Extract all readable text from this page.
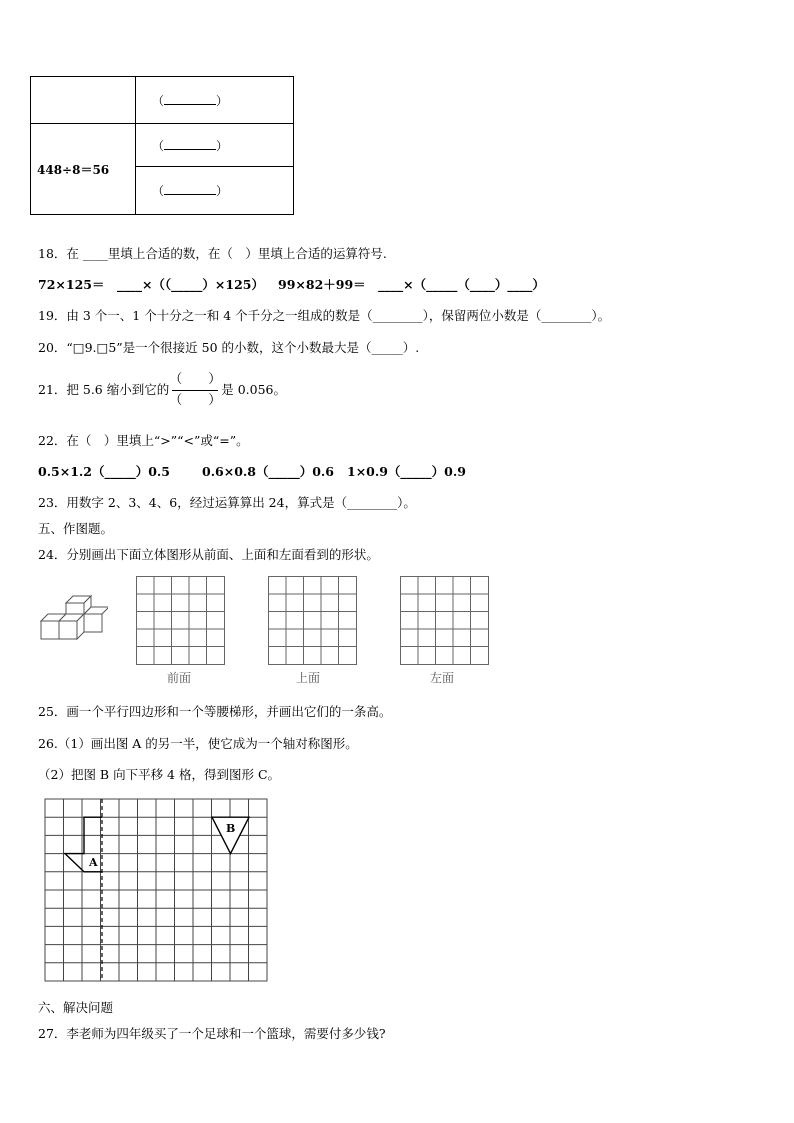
	（ ）
448÷8＝56	（ ）
	（ ）
18．在 ____里填上合适的数，在（　）里填上合适的运算符号.
72×125＝　____×（（_____）×125） 99×82＋99＝　____×（_____（____）____）
19．由 3 个一、1 个十分之一和 4 个千分之一组成的数是（________），保留两位小数是（________）。
20．“□9.□5”是一个很接近 50 的小数，这个小数最大是（_____）.
21．把 5.6 缩小到它的$\frac{( )}{( )}$是 0.056。
22．在（　）里填上“>”“<”或“=”。
0.5×1.2（_____）0.5	0.6×0.8（_____）0.6 1×0.9（_____）0.9
23．用数字 2、3、4、6，经过运算算出 24，算式是（________）。
五、作图题。
24．分别画出下面立体图形从前面、上面和左面看到的形状。
前面	上面	左面
25．画一个平行四边形和一个等腰梯形，并画出它们的一条高。
26.（1）画出图 A 的另一半，使它成为一个轴对称图形。
（2）把图 B 向下平移 4 格，得到图形 C。
A
B
六、解决问题
27．李老师为四年级买了一个足球和一个篮球，需要付多少钱?
